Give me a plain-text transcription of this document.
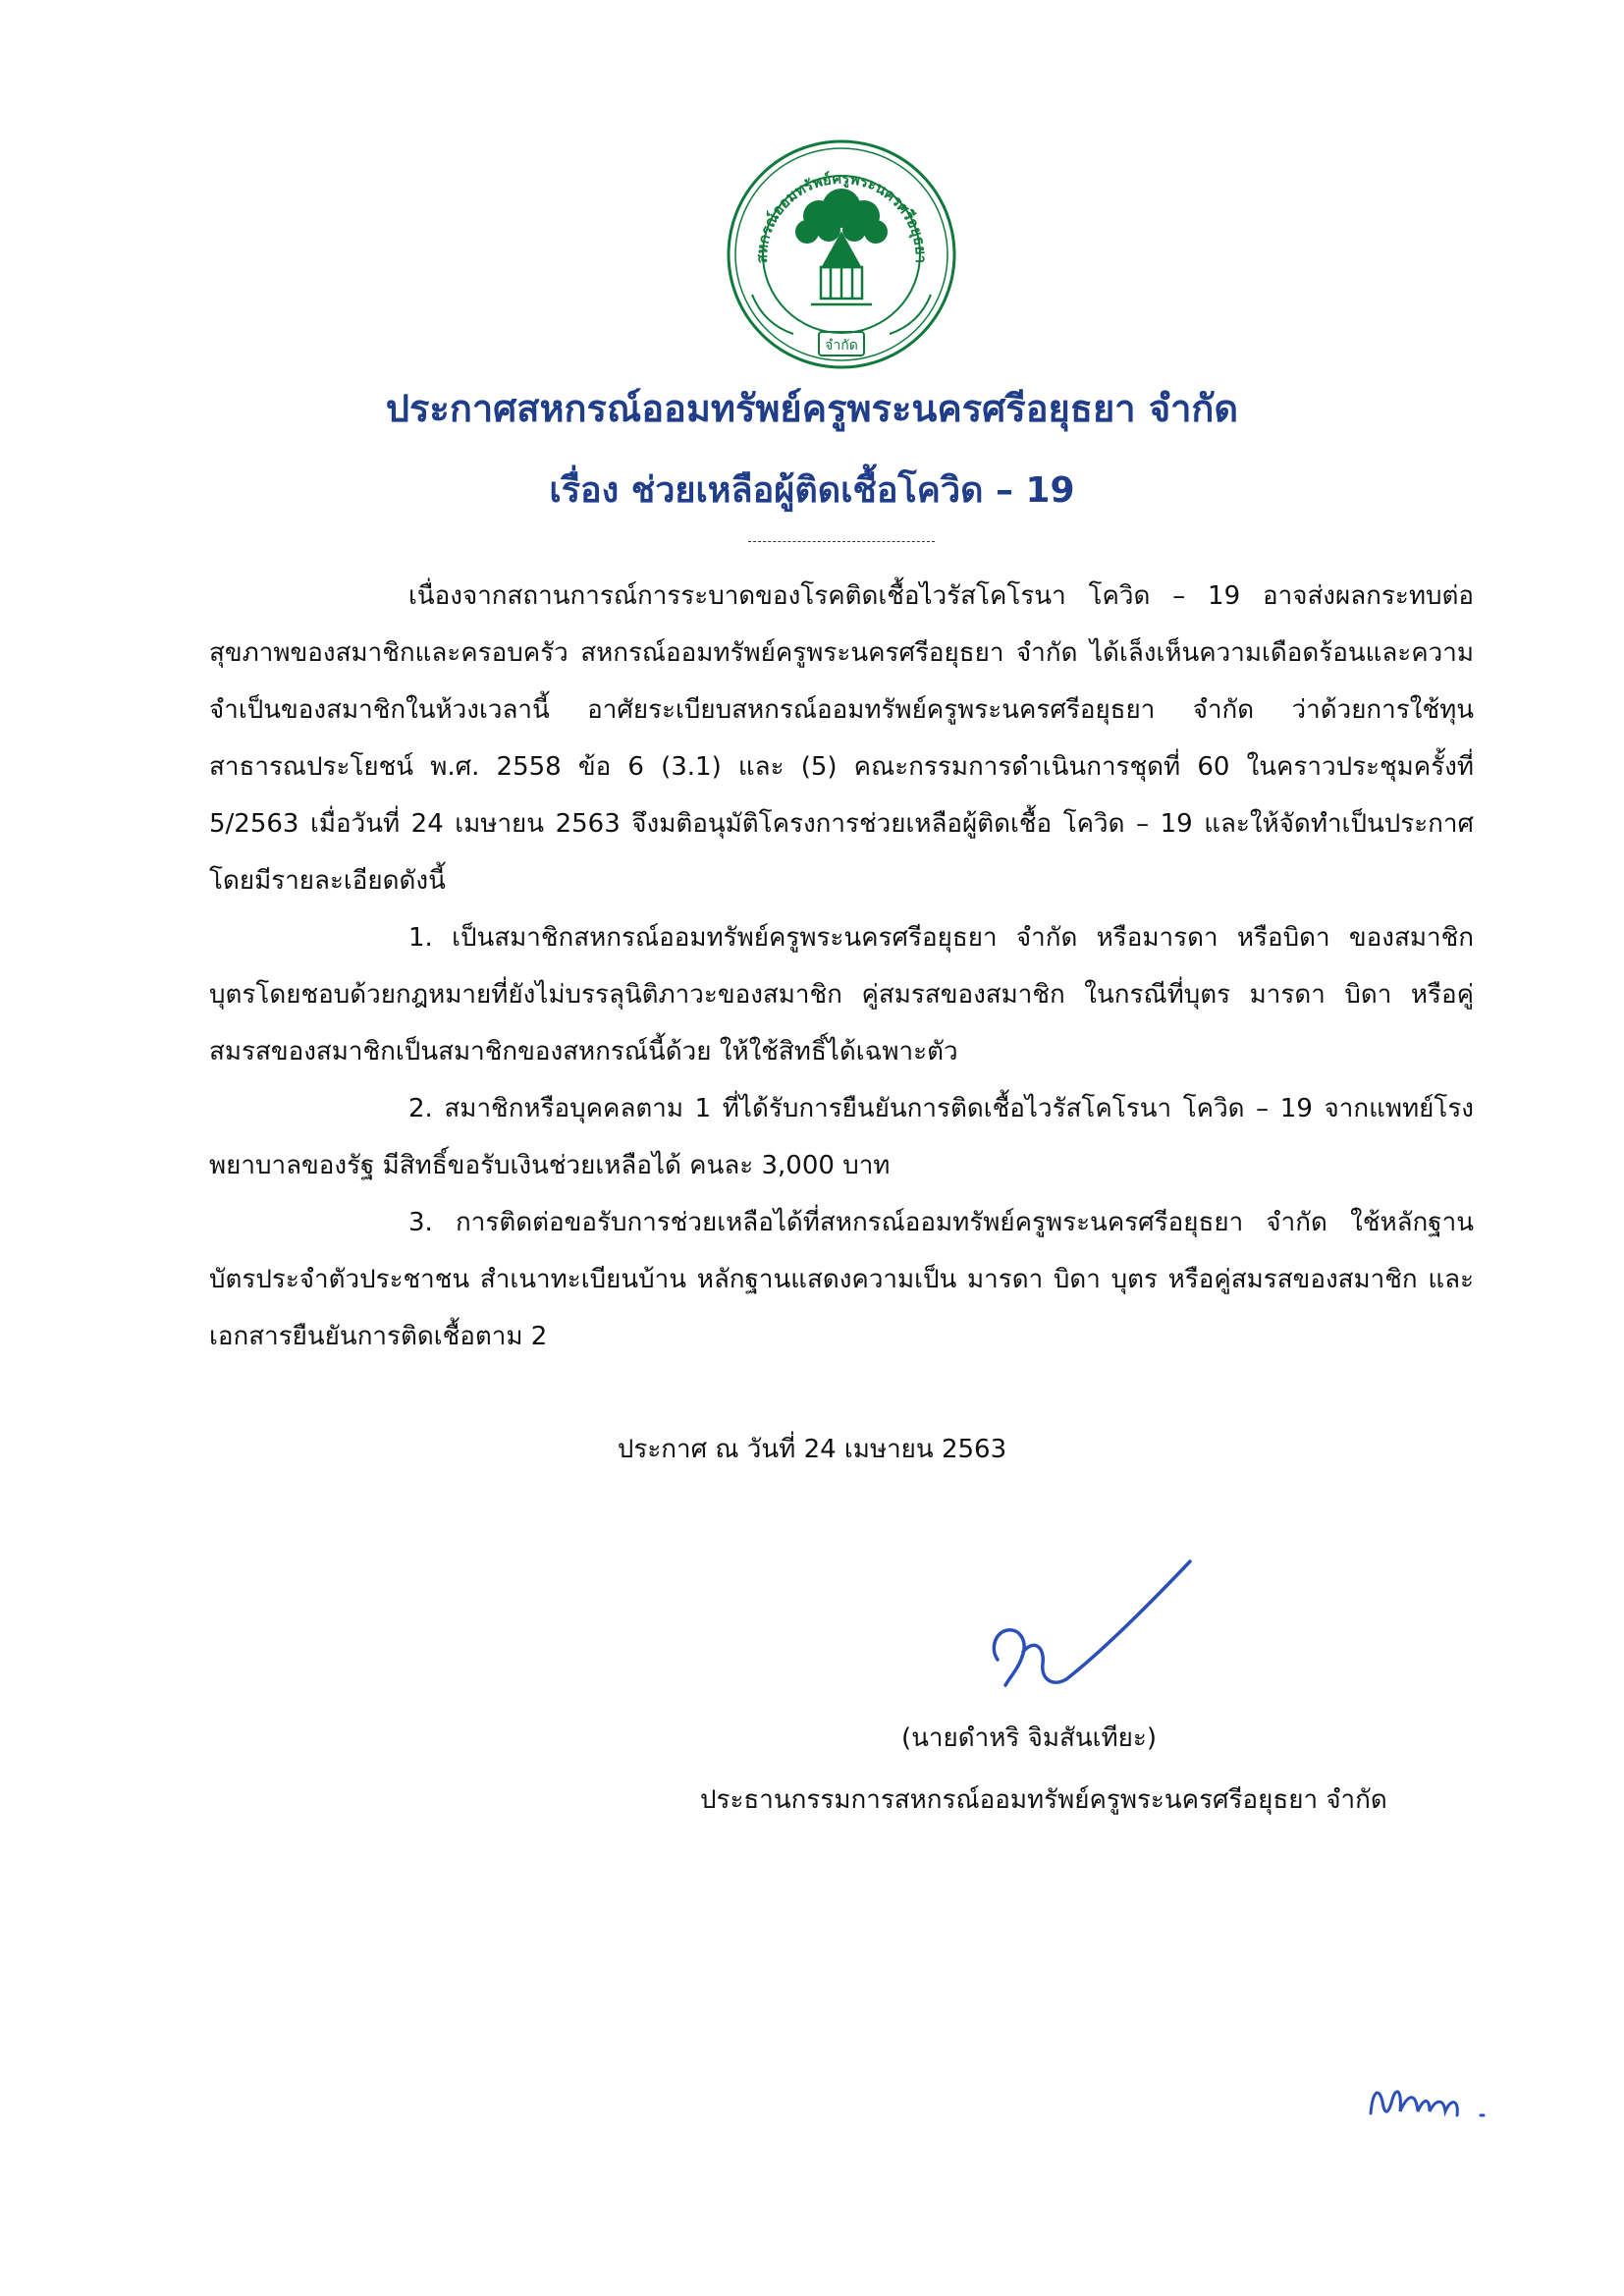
สหกรณ์ออมทรัพย์ครูพระนครศรีอยุธยา
จำกัด
ประกาศสหกรณ์ออมทรัพย์ครูพระนครศรีอยุธยา จำกัด
เรื่อง ช่วยเหลือผู้ติดเชื้อโควิด – 19

เนื่องจากสถานการณ์การระบาดของโรคติดเชื้อไวรัสโคโรนา โควิด – 19 อาจส่งผลกระทบต่อสุขภาพของสมาชิกและครอบครัว สหกรณ์ออมทรัพย์ครูพระนครศรีอยุธยา จำกัด ได้เล็งเห็นความเดือดร้อนและความจำเป็นของสมาชิกในห้วงเวลานี้ อาศัยระเบียบสหกรณ์ออมทรัพย์ครูพระนครศรีอยุธยา จำกัด ว่าด้วยการใช้ทุนสาธารณประโยชน์ พ.ศ. 2558 ข้อ 6 (3.1) และ (5) คณะกรรมการดำเนินการชุดที่ 60 ในคราวประชุมครั้งที่ 5/2563 เมื่อวันที่ 24 เมษายน 2563 จึงมติอนุมัติโครงการช่วยเหลือผู้ติดเชื้อ โควิด – 19 และให้จัดทำเป็นประกาศโดยมีรายละเอียดดังนี้

1. เป็นสมาชิกสหกรณ์ออมทรัพย์ครูพระนครศรีอยุธยา จำกัด หรือมารดา หรือบิดา ของสมาชิก บุตรโดยชอบด้วยกฎหมายที่ยังไม่บรรลุนิติภาวะของสมาชิก คู่สมรสของสมาชิก ในกรณีที่บุตร มารดา บิดา หรือคู่สมรสของสมาชิกเป็นสมาชิกของสหกรณ์นี้ด้วย ให้ใช้สิทธิ์ได้เฉพาะตัว

2. สมาชิกหรือบุคคลตาม 1 ที่ได้รับการยืนยันการติดเชื้อไวรัสโคโรนา โควิด – 19 จากแพทย์โรงพยาบาลของรัฐ มีสิทธิ์ขอรับเงินช่วยเหลือได้ คนละ 3,000 บาท

3. การติดต่อขอรับการช่วยเหลือได้ที่สหกรณ์ออมทรัพย์ครูพระนครศรีอยุธยา จำกัด ใช้หลักฐานบัตรประจำตัวประชาชน สำเนาทะเบียนบ้าน หลักฐานแสดงความเป็น มารดา บิดา บุตร หรือคู่สมรสของสมาชิก และเอกสารยืนยันการติดเชื้อตาม 2

ประกาศ ณ วันที่ 24 เมษายน 2563
(นายดำหริ จิมสันเทียะ)
ประธานกรรมการสหกรณ์ออมทรัพย์ครูพระนครศรีอยุธยา จำกัด
